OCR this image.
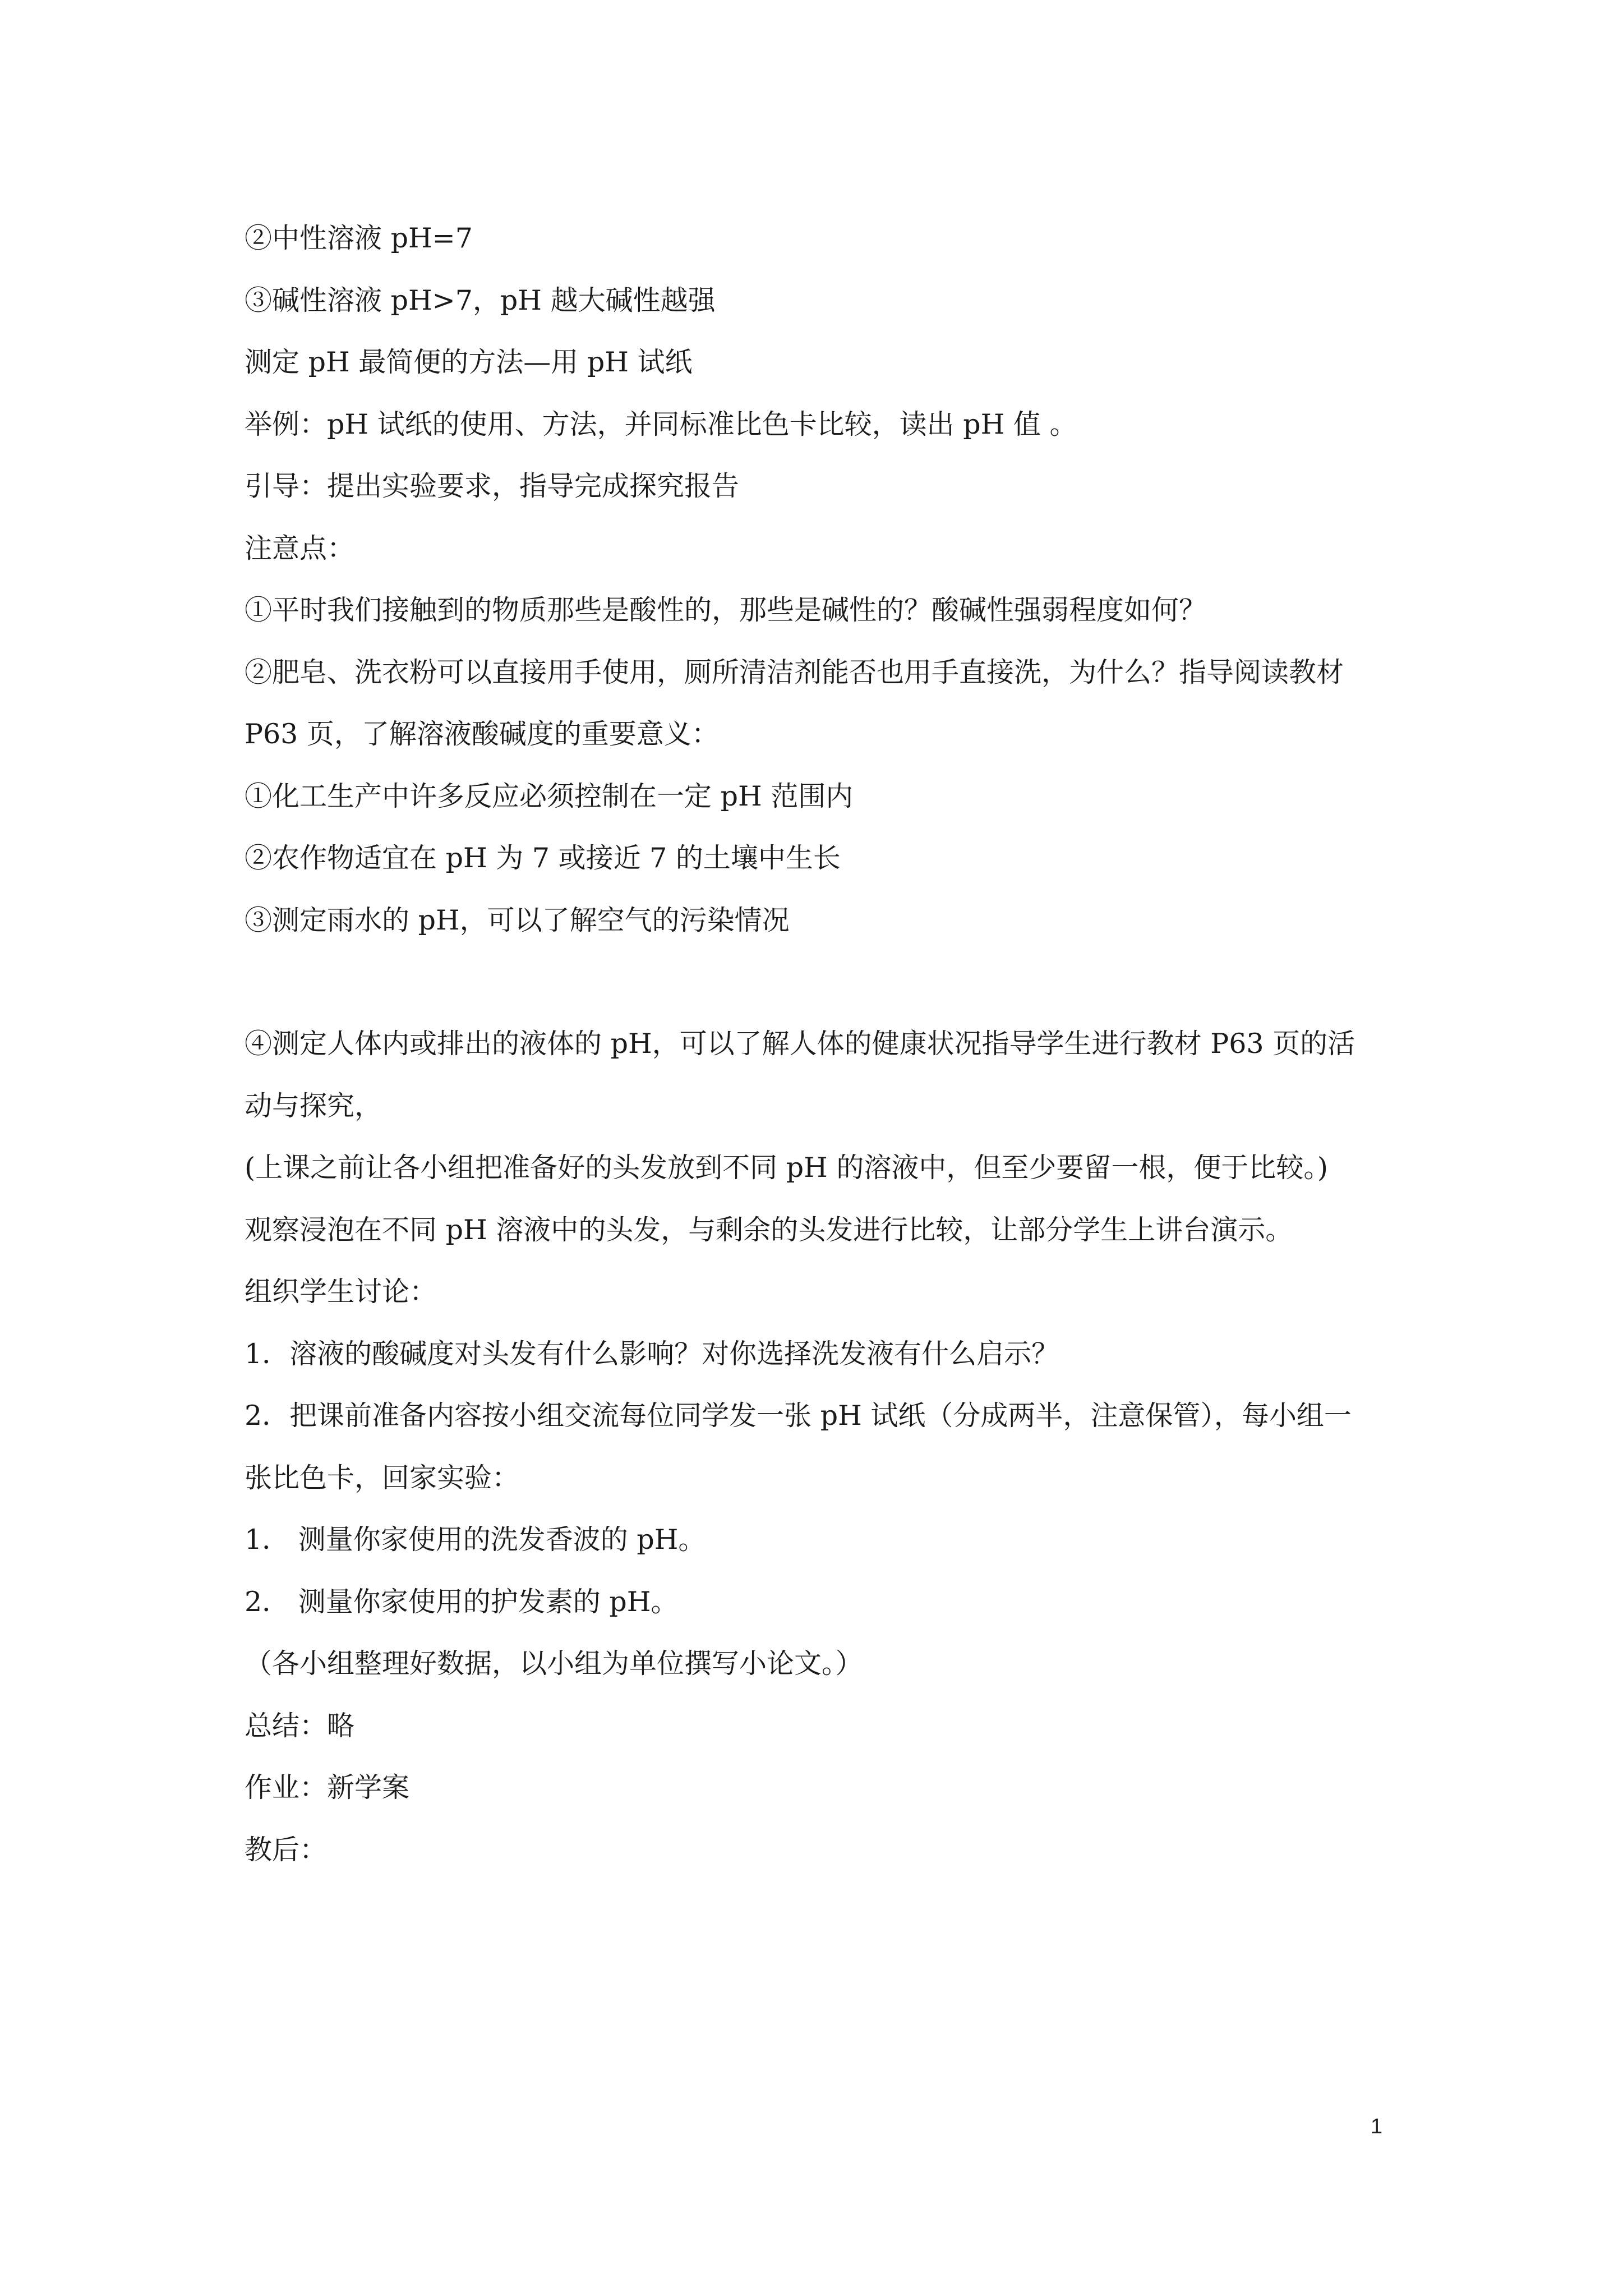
②中性溶液 pH=7

③碱性溶液 pH>7，pH 越大碱性越强

测定 pH 最简便的方法—用 pH 试纸

举例：pH 试纸的使用、方法，并同标准比色卡比较，读出 pH 值 。

引导：提出实验要求，指导完成探究报告

注意点：

①平时我们接触到的物质那些是酸性的，那些是碱性的？酸碱性强弱程度如何？

②肥皂、洗衣粉可以直接用手使用，厕所清洁剂能否也用手直接洗，为什么？指导阅读教材

P63 页，了解溶液酸碱度的重要意义：

①化工生产中许多反应必须控制在一定 pH 范围内

②农作物适宜在 pH 为 7 或接近 7 的土壤中生长

③测定雨水的 pH，可以了解空气的污染情况

④测定人体内或排出的液体的 pH，可以了解人体的健康状况指导学生进行教材 P63 页的活

动与探究，

(上课之前让各小组把准备好的头发放到不同 pH 的溶液中，但至少要留一根，便于比较。)

观察浸泡在不同 pH 溶液中的头发，与剩余的头发进行比较，让部分学生上讲台演示。

组织学生讨论：

1．溶液的酸碱度对头发有什么影响？对你选择洗发液有什么启示？

2．把课前准备内容按小组交流每位同学发一张 pH 试纸（分成两半，注意保管），每小组一

张比色卡，回家实验：

1． 测量你家使用的洗发香波的 pH。

2． 测量你家使用的护发素的 pH。

（各小组整理好数据，以小组为单位撰写小论文。）

总结：略

作业：新学案

教后：

1
